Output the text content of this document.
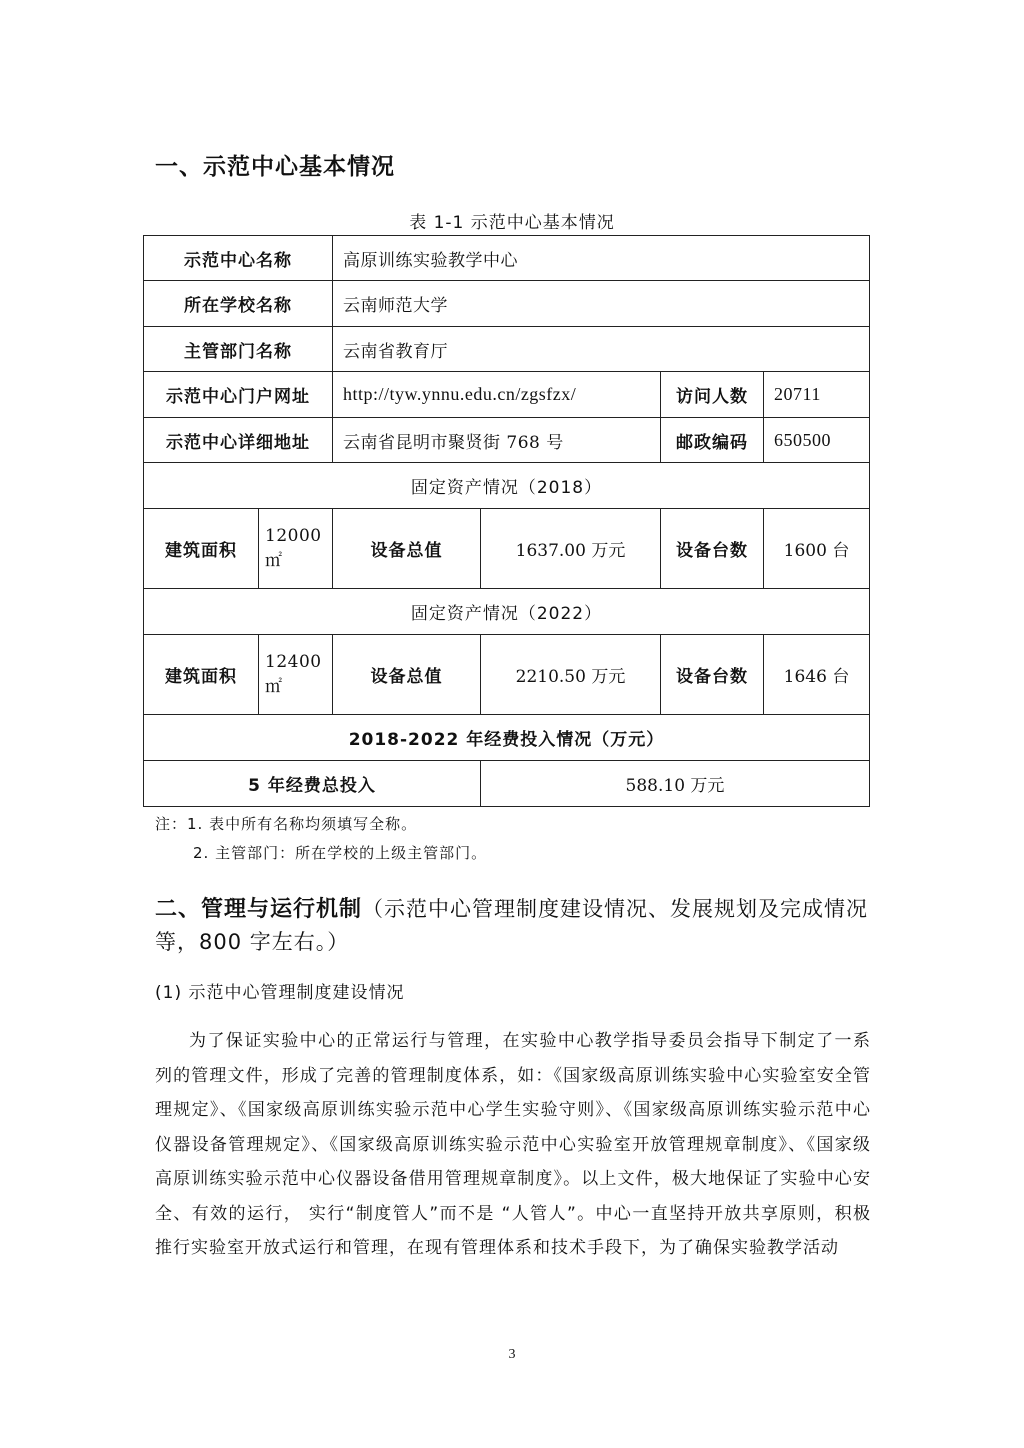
一、示范中心基本情况
表 1-1 示范中心基本情况
示范中心名称		高原训练实验教学中心			
所在学校名称		云南师范大学			
主管部门名称		云南省教育厅			
示范中心门户网址		http://tyw.ynnu.edu.cn/zgsfzx/		访问人数	20711
示范中心详细地址		云南省昆明市聚贤街 768 号		邮政编码	650500
固定资产情况（2018）					
建筑面积	12000 ㎡	设备总值	1637.00 万元	设备台数	1600 台
固定资产情况（2022）					
建筑面积	12400 ㎡	设备总值	2210.50 万元	设备台数	1646 台
2018-2022 年经费投入情况（万元）					
5 年经费总投入			588.10 万元		
注：1. 表中所有名称均须填写全称。
2. 主管部门：所在学校的上级主管部门。
二、管理与运行机制（示范中心管理制度建设情况、发展规划及完成情况等，800 字左右。）
(1) 示范中心管理制度建设情况
为了保证实验中心的正常运行与管理，在实验中心教学指导委员会指导下制定了一系列的管理文件，形成了完善的管理制度体系，如：《国家级高原训练实验中心实验室安全管理规定》、《国家级高原训练实验示范中心学生实验守则》、《国家级高原训练实验示范中心仪器设备管理规定》、《国家级高原训练实验示范中心实验室开放管理规章制度》、《国家级高原训练实验示范中心仪器设备借用管理规章制度》。以上文件，极大地保证了实验中心安全、有效的运行， 实行“制度管人”而不是 “人管人”。中心一直坚持开放共享原则，积极推行实验室开放式运行和管理，在现有管理体系和技术手段下，为了确保实验教学活动
3
